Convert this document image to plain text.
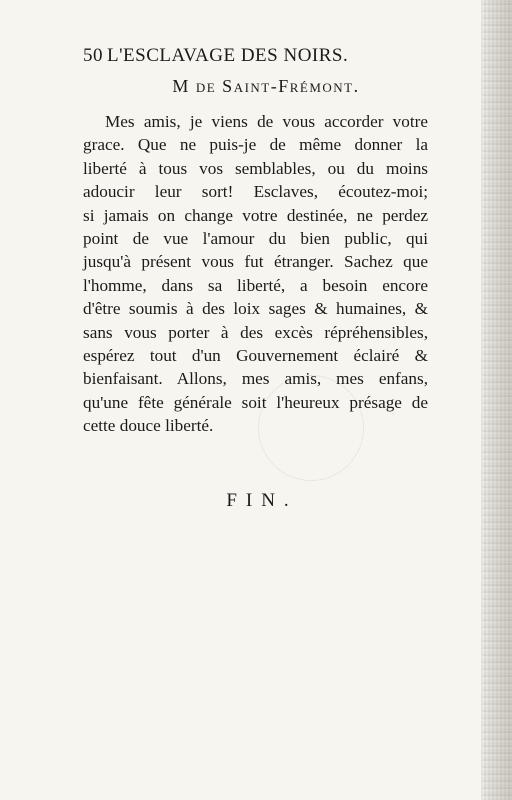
50 L'ESCLAVAGE DES NOIRS.
M de Saint-Frémont.
Mes amis, je viens de vous accorder votre
grace. Que ne puis-je de même donner la
liberté à tous vos semblables, ou du moins
adoucir leur sort! Esclaves, écoutez-moi;
si jamais on change votre destinée, ne perdez
point de vue l'amour du bien public, qui
jusqu'à présent vous fut étranger. Sachez que
l'homme, dans sa liberté, a besoin encore
d'être soumis à des loix sages & humaines, &
sans vous porter à des excès répréhensibles,
espérez tout d'un Gouvernement éclairé &
bienfaisant. Allons, mes amis, mes enfans,
qu'une fête générale soit l'heureux présage de
cette douce liberté.
FIN.
